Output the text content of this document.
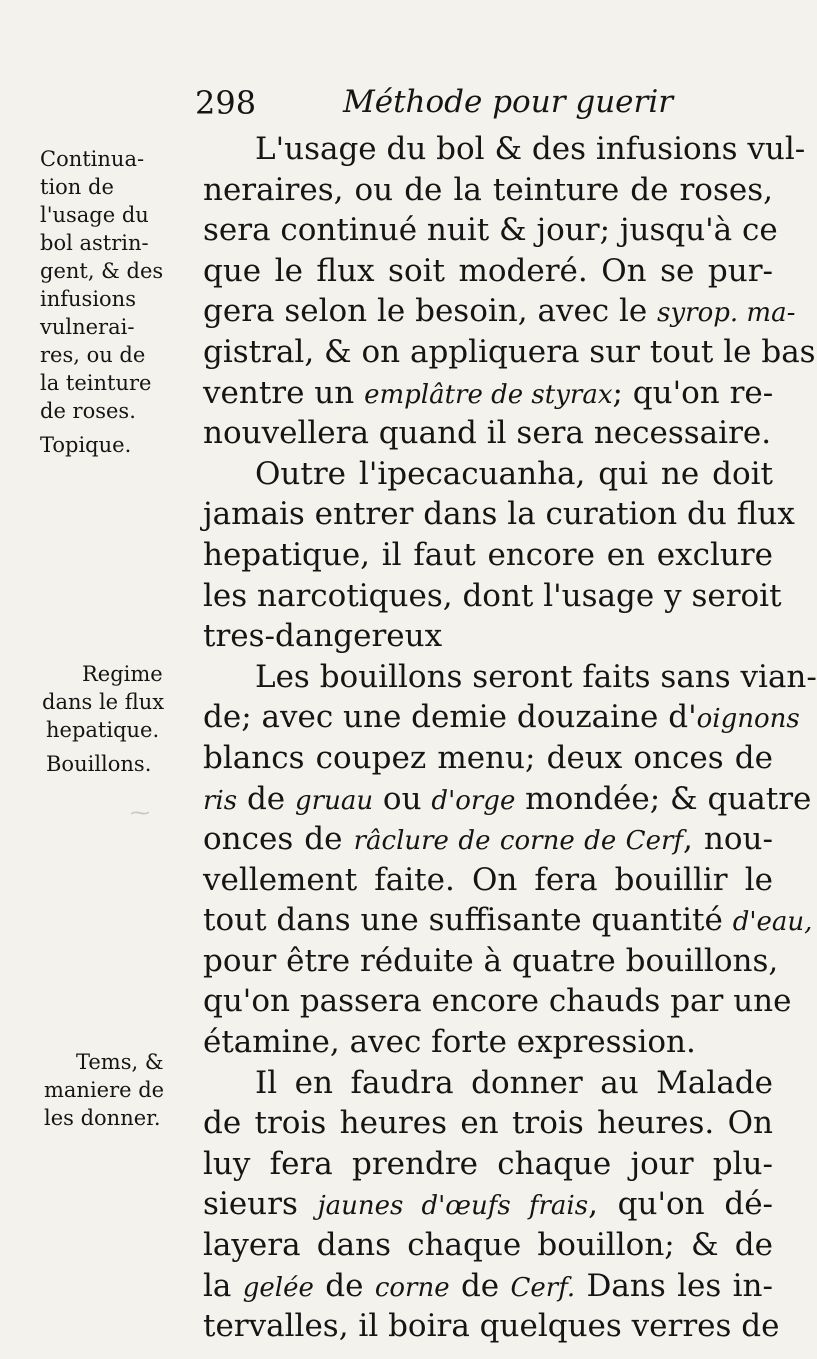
⁓
298	Méthode pour guerir
Continua-
tion de
l'usage du
bol astrin-
gent, & des
infusions
vulnerai-
res, ou de
la teinture
de roses.
Topique.
Regime
dans le flux
hepatique.
Bouillons.
Tems, &
maniere de
les donner.
L'usage du bol & des infusions vul-
neraires, ou de la teinture de roses,
sera continué nuit & jour; jusqu'à ce
que le flux soit moderé. On se pur-
gera selon le besoin, avec le syrop. ma-
gistral, & on appliquera sur tout le bas
ventre un emplâtre de styrax; qu'on re-
nouvellera quand il sera necessaire.
Outre l'ipecacuanha, qui ne doit
jamais entrer dans la curation du flux
hepatique, il faut encore en exclure
les narcotiques, dont l'usage y seroit
tres-dangereux
Les bouillons seront faits sans vian-
de; avec une demie douzaine d'oignons
blancs coupez menu; deux onces de
ris de gruau ou d'orge mondée; & quatre
onces de râclure de corne de Cerf, nou-
vellement faite. On fera bouillir le
tout dans une suffisante quantité d'eau,
pour être réduite à quatre bouillons,
qu'on passera encore chauds par une
étamine, avec forte expression.
Il en faudra donner au Malade
de trois heures en trois heures. On
luy fera prendre chaque jour plu-
sieurs jaunes d'œufs frais, qu'on dé-
layera dans chaque bouillon; & de
la gelée de corne de Cerf. Dans les in-
tervalles, il boira quelques verres de
